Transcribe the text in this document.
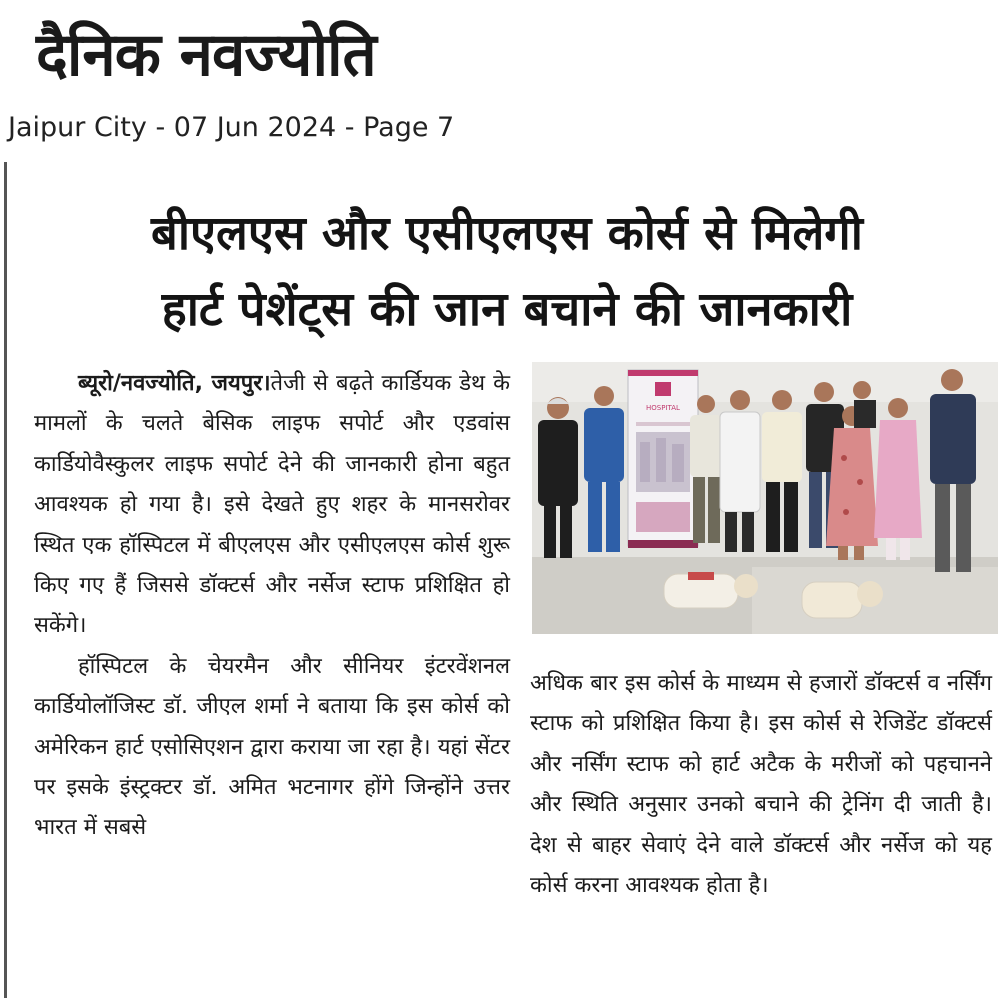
दैनिक नवज्योति
Jaipur City - 07 Jun 2024 - Page 7
बीएलएस और एसीएलएस कोर्स से मिलेगी
हार्ट पेशेंट्स की जान बचाने की जानकारी

ब्यूरो/नवज्योति, जयपुर।तेजी से बढ़ते कार्डियक डेथ के मामलों के चलते बेसिक लाइफ सपोर्ट और एडवांस कार्डियोवैस्कुलर लाइफ सपोर्ट देने की जानकारी होना बहुत आवश्यक हो गया है। इसे देखते हुए शहर के मानसरोवर स्थित एक हॉस्पिटल में बीएलएस और एसीएलएस कोर्स शुरू किए गए हैं जिससे डॉक्टर्स और नर्सेज स्टाफ प्रशिक्षित हो सकेंगे।

हॉस्पिटल के चेयरमैन और सीनियर इंटरवेंशनल कार्डियोलॉजिस्ट डॉ. जीएल शर्मा ने बताया कि इस कोर्स को अमेरिकन हार्ट एसोसिएशन द्वारा कराया जा रहा है। यहां सेंटर पर इसके इंस्ट्रक्टर डॉ. अमित भटनागर होंगे जिन्होंने उत्तर भारत में सबसे

HOSPITAL

अधिक बार इस कोर्स के माध्यम से हजारों डॉक्टर्स व नर्सिंग स्टाफ को प्रशिक्षित किया है। इस कोर्स से रेजिडेंट डॉक्टर्स और नर्सिंग स्टाफ को हार्ट अटैक के मरीजों को पहचानने और स्थिति अनुसार उनको बचाने की ट्रेनिंग दी जाती है। देश से बाहर सेवाएं देने वाले डॉक्टर्स और नर्सेज को यह कोर्स करना आवश्यक होता है।
